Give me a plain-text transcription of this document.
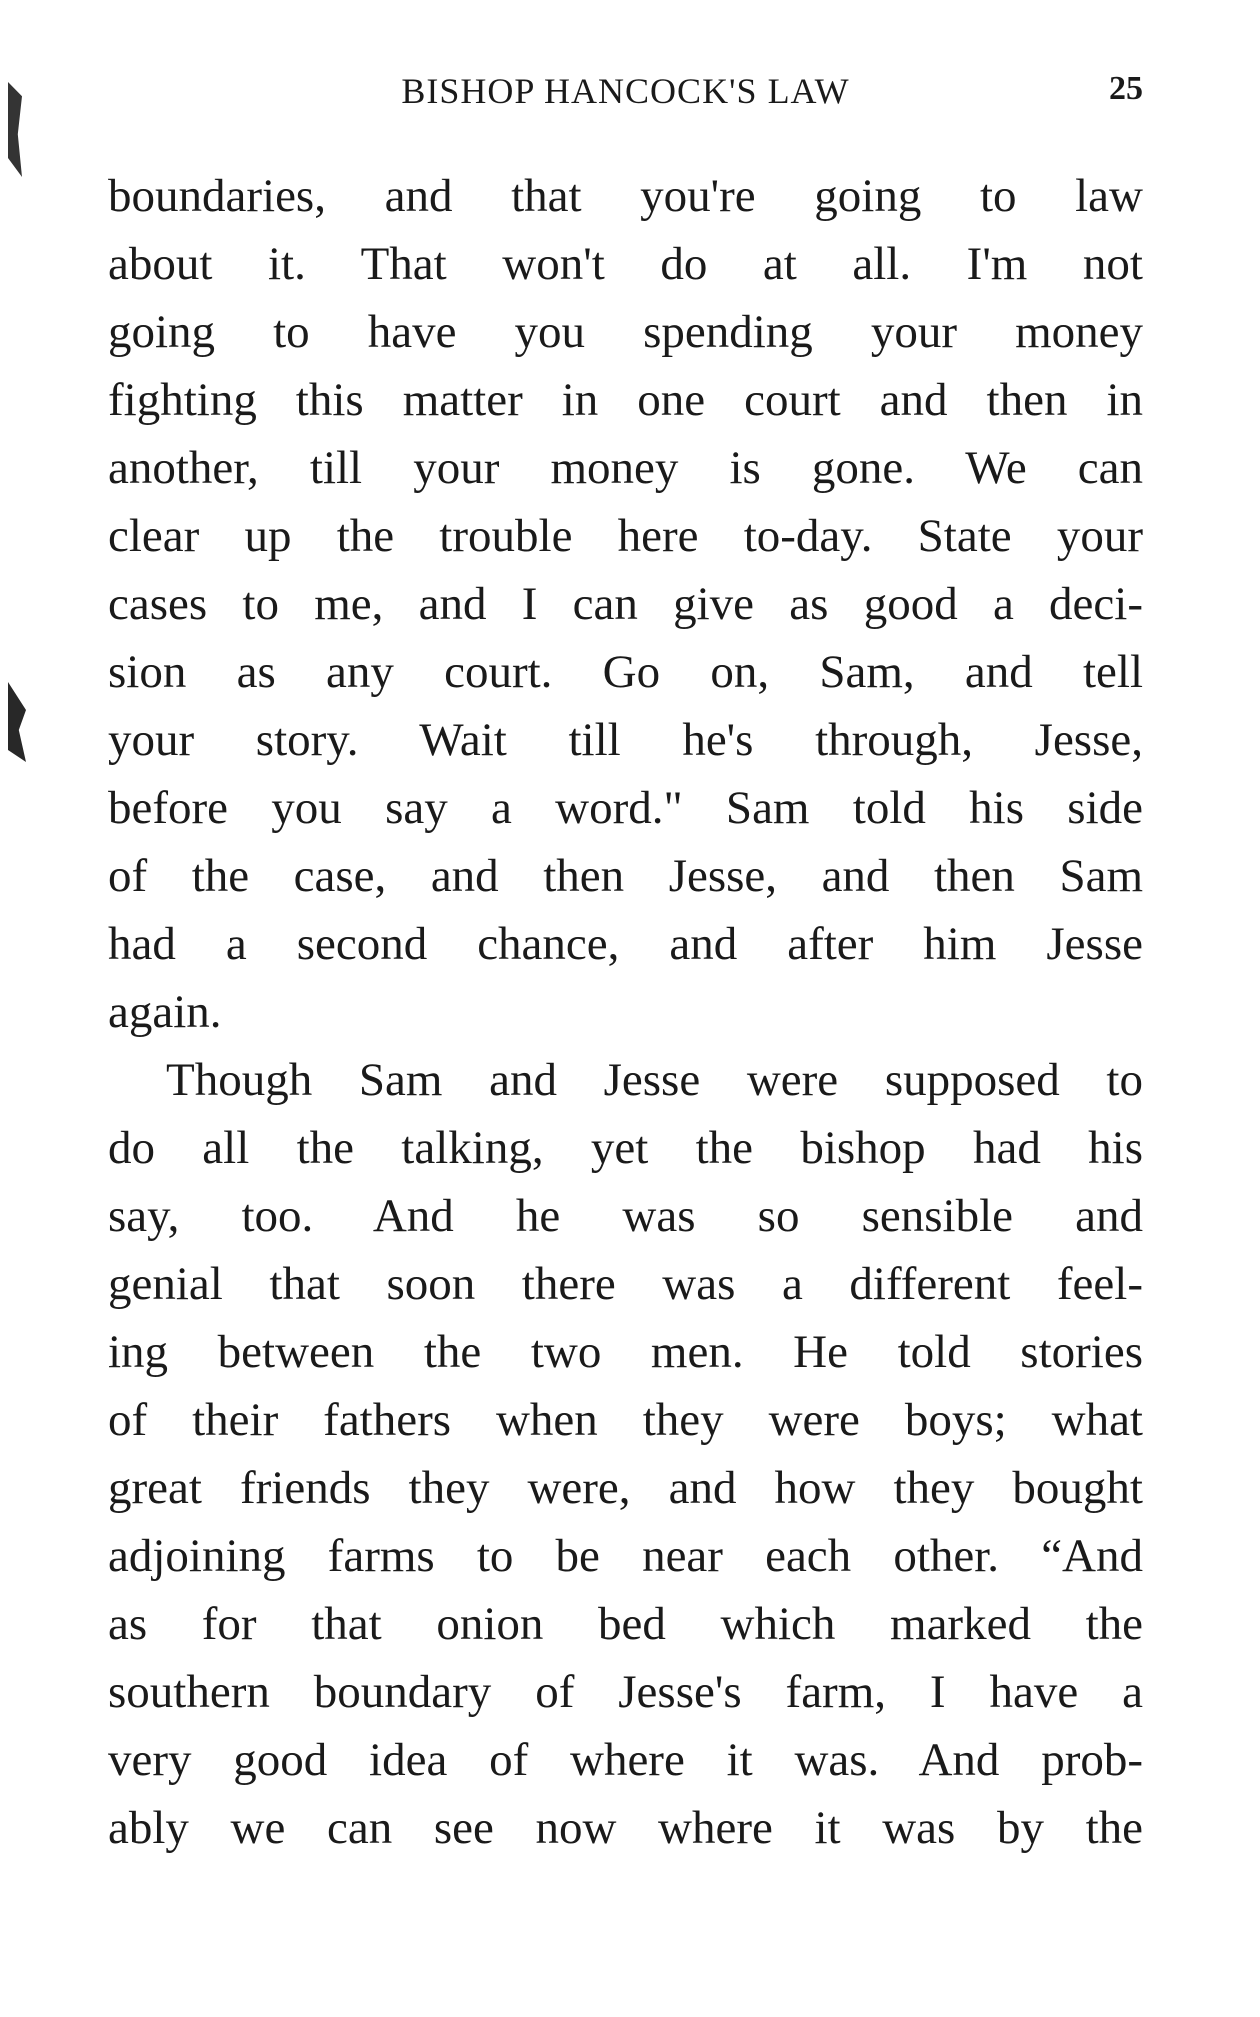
BISHOP HANCOCK'S LAW	25
boundaries, and that you're going to law
about it. That won't do at all. I'm not
going to have you spending your money
fighting this matter in one court and then in
another, till your money is gone. We can
clear up the trouble here to-day. State your
cases to me, and I can give as good a deci-
sion as any court. Go on, Sam, and tell
your story. Wait till he's through, Jesse,
before you say a word." Sam told his side
of the case, and then Jesse, and then Sam
had a second chance, and after him Jesse
again.
Though Sam and Jesse were supposed to
do all the talking, yet the bishop had his
say, too. And he was so sensible and
genial that soon there was a different feel-
ing between the two men. He told stories
of their fathers when they were boys; what
great friends they were, and how they bought
adjoining farms to be near each other. “And
as for that onion bed which marked the
southern boundary of Jesse's farm, I have a
very good idea of where it was. And prob-
ably we can see now where it was by the
